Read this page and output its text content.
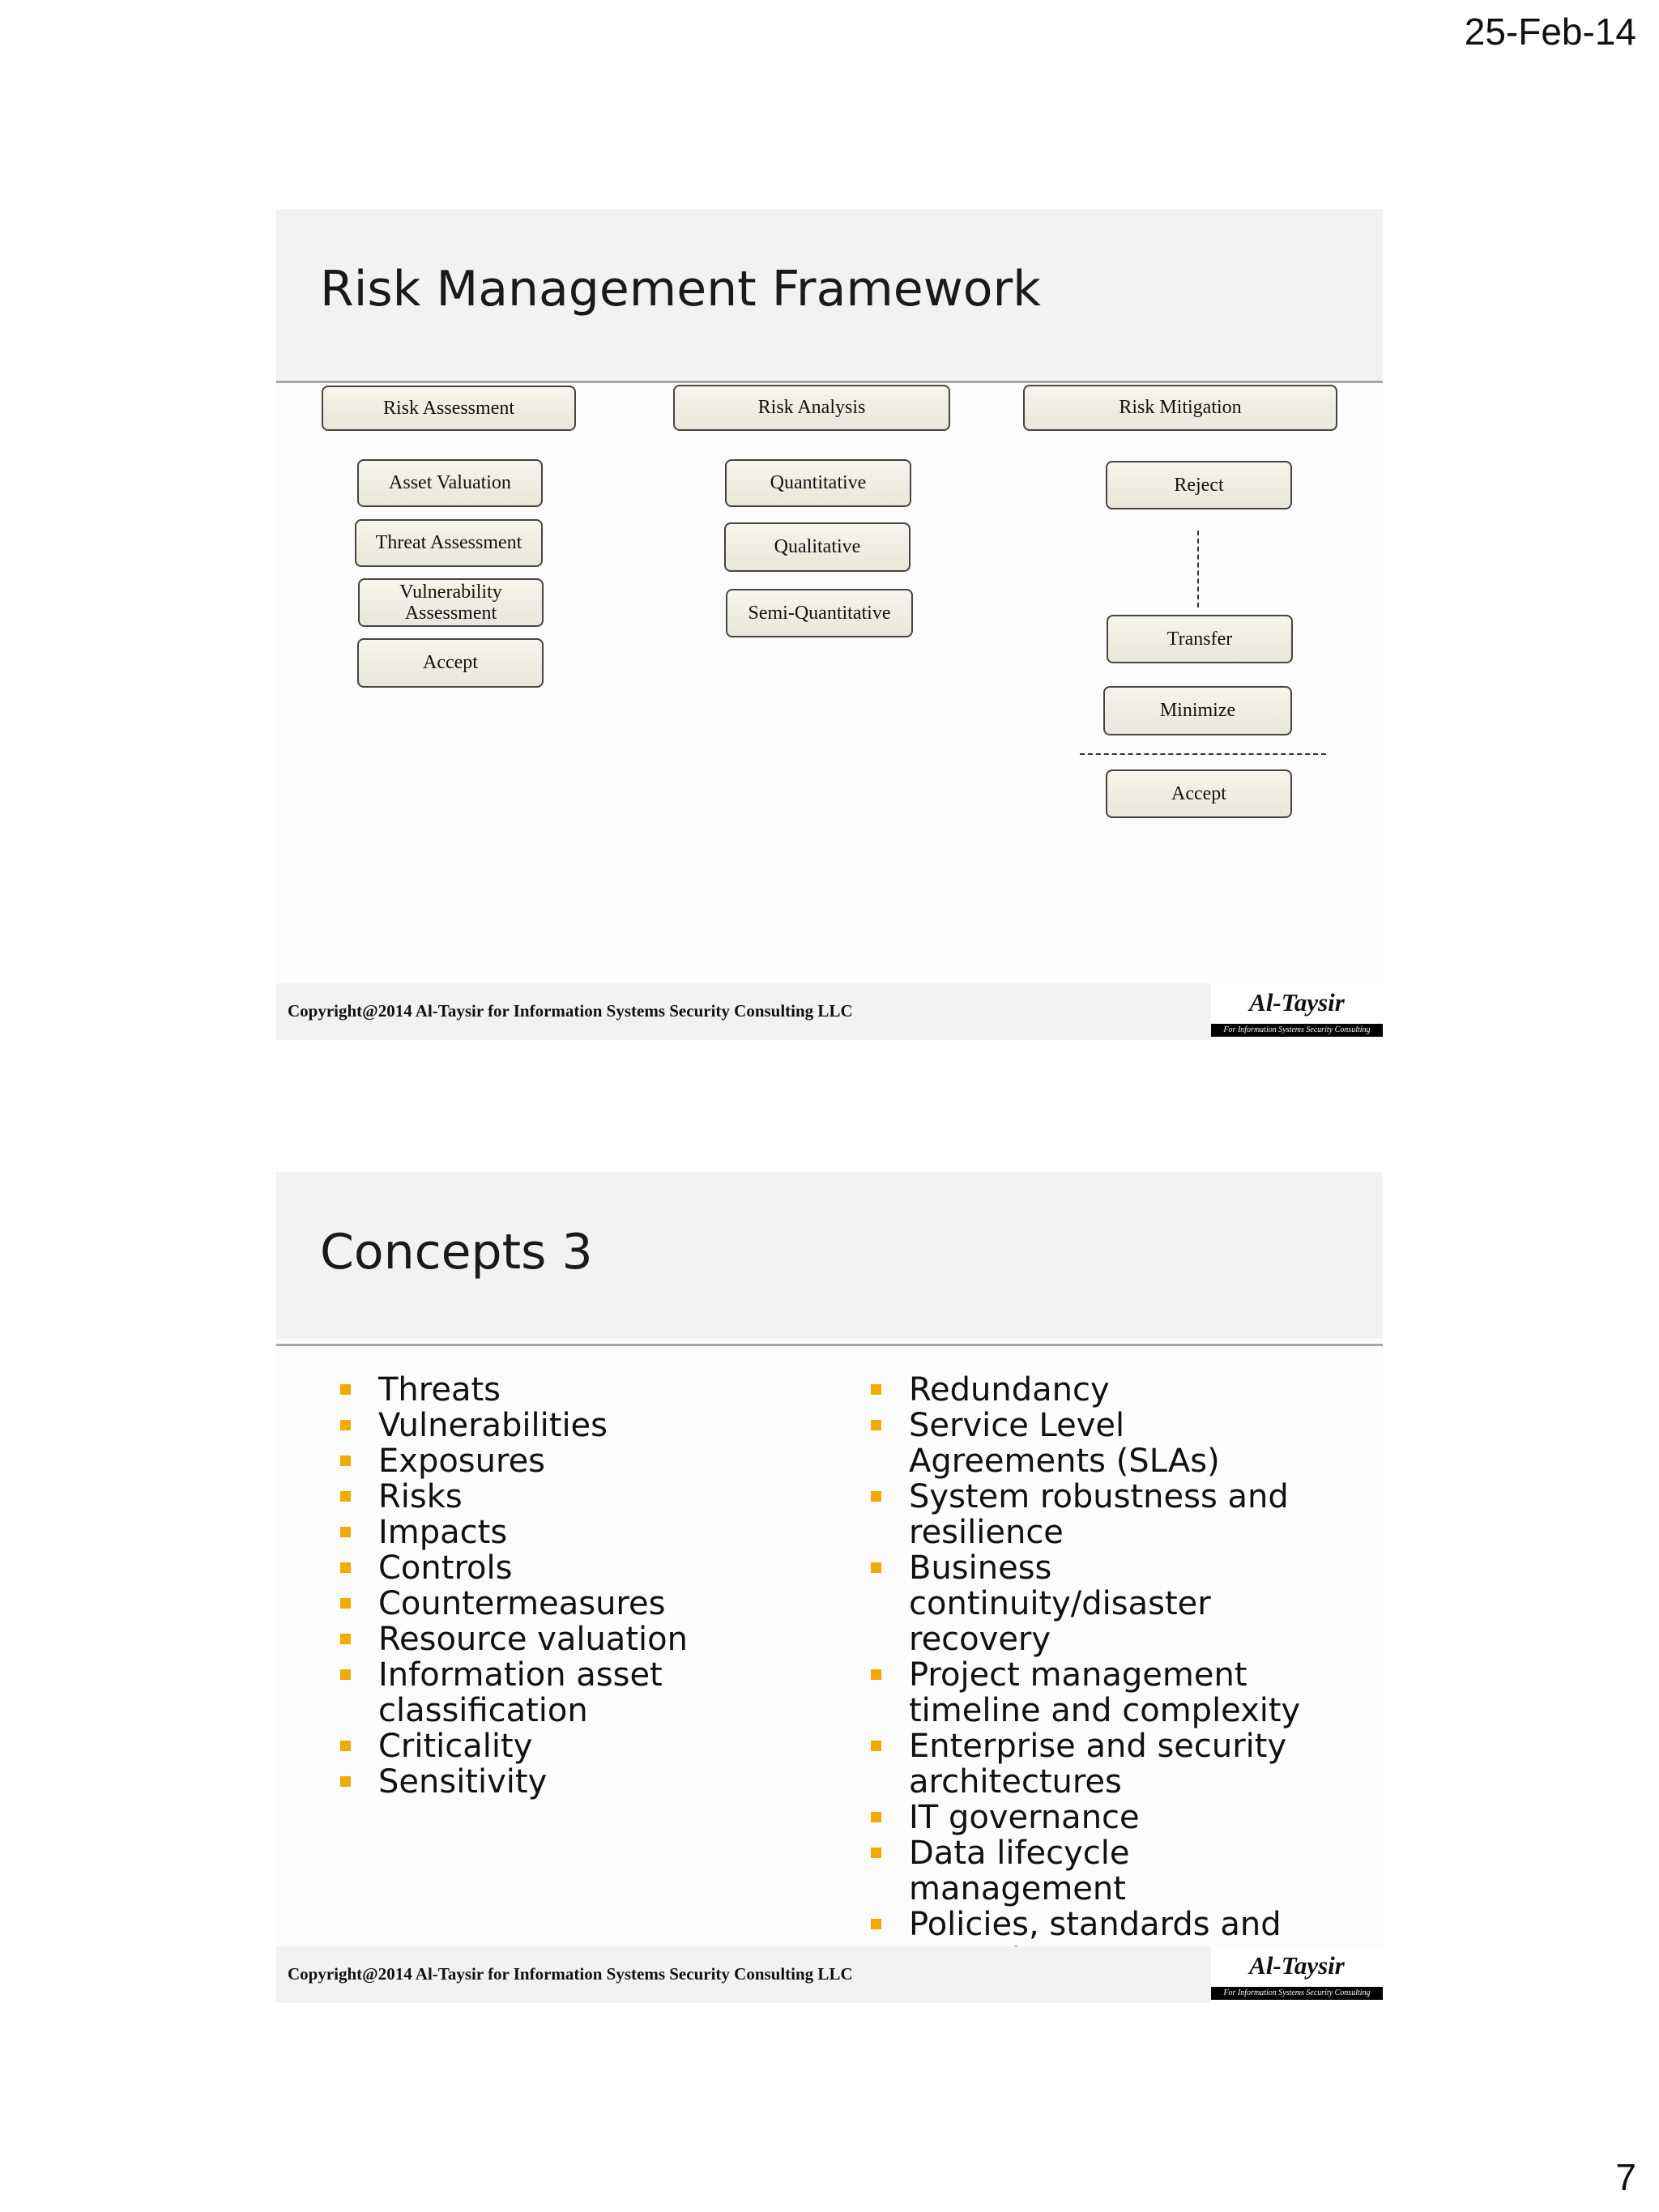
25-Feb-14
Risk Management Framework
Risk Assessment	Risk Analysis	Risk Mitigation
Asset Valuation
Threat Assessment
Vulnerability Assessment
Accept
Quantitative
Qualitative
Semi-Quantitative
Reject
Transfer
Minimize
Accept
Copyright@2014 Al-Taysir for Information Systems Security Consulting LLC	Al-Taysir
For Information Systems Security Consulting
Concepts 3
Threats
Vulnerabilities
Exposures
Risks
Impacts
Controls
Countermeasures
Resource valuation
Information asset classification
Criticality
Sensitivity
Redundancy
Service Level Agreements (SLAs)
System robustness and resilience
Business continuity/disaster recovery
Project management timeline and complexity
Enterprise and security architectures
IT governance
Data lifecycle management
Policies, standards and
Copyright@2014 Al-Taysir for Information Systems Security Consulting LLC	Al-Taysir
For Information Systems Security Consulting
7
